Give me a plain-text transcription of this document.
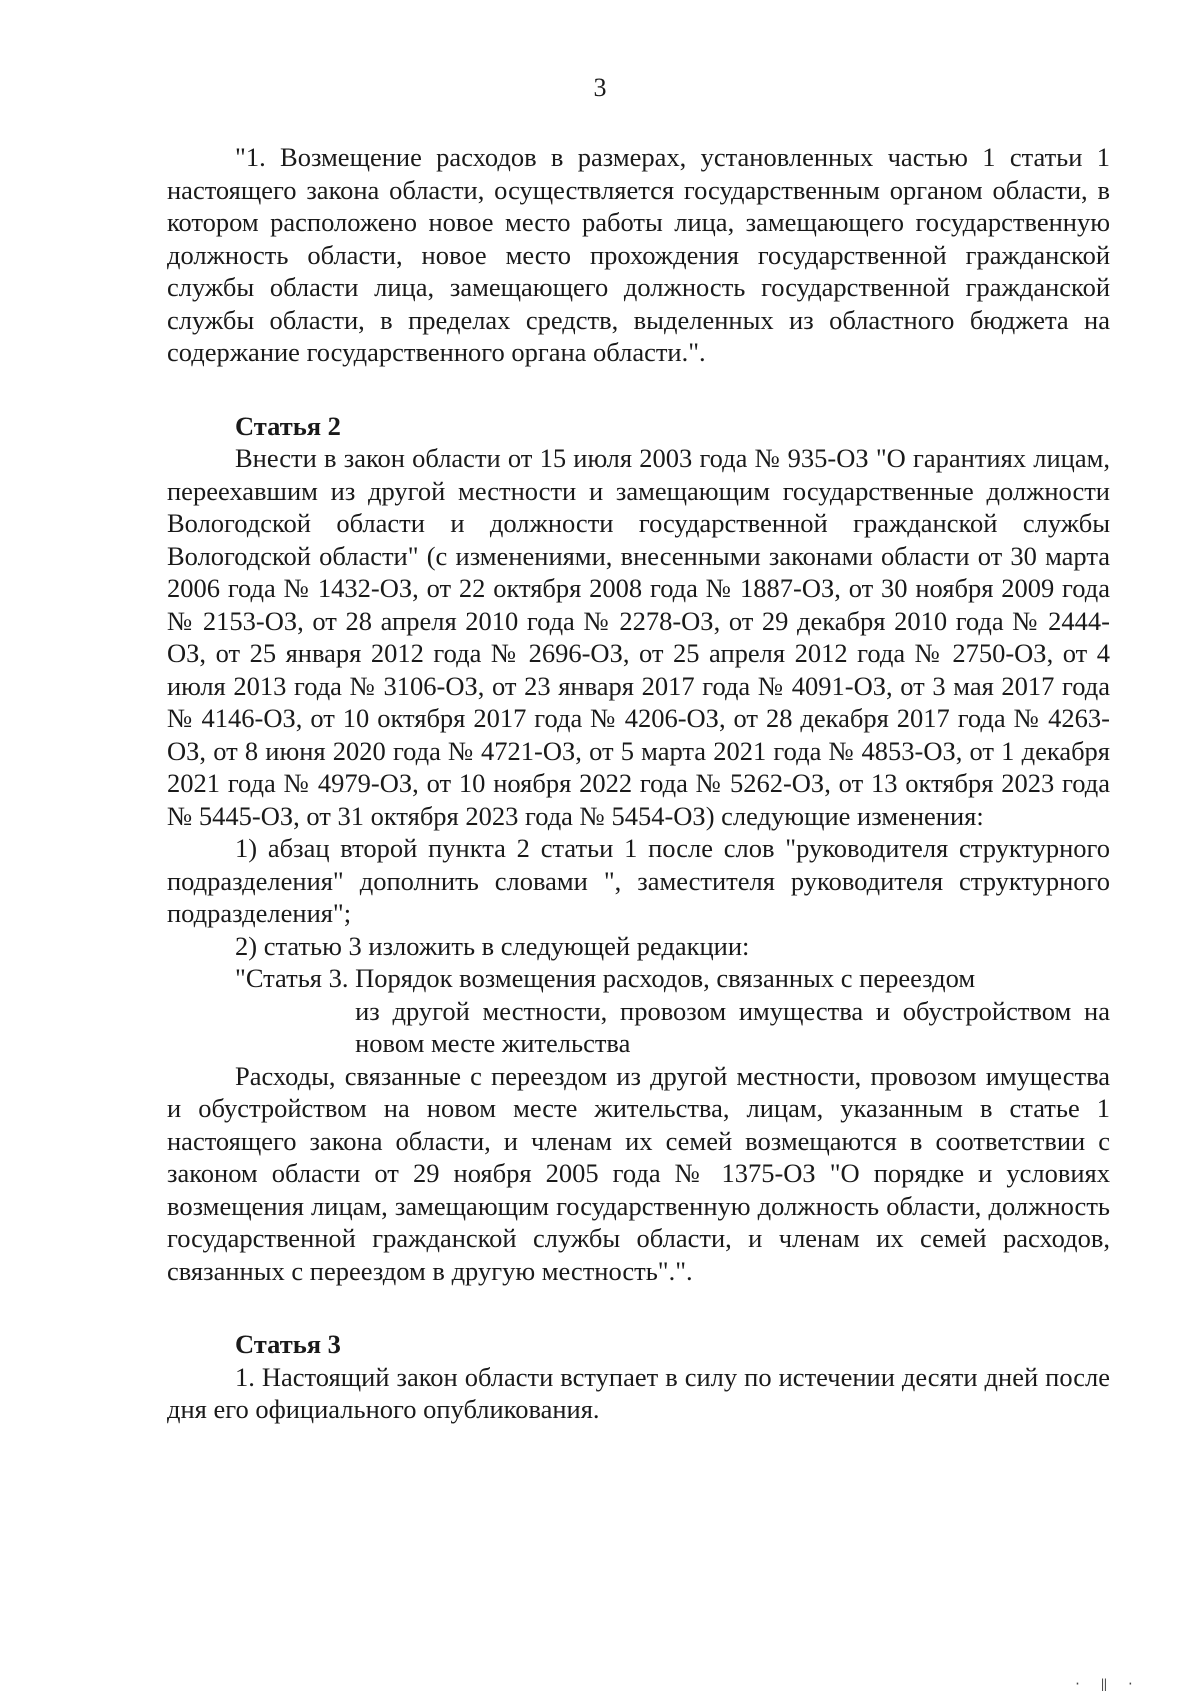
3

"1. Возмещение расходов в размерах, установленных частью 1 статьи 1 настоящего закона области, осуществляется государственным органом области, в котором расположено новое место работы лица, замещающего государственную должность области, новое место прохождения государственной гражданской службы области лица, замещающего должность государственной гражданской службы области, в пределах средств, выделенных из областного бюджета на содержание государственного органа области.".

Статья 2

Внести в закон области от 15 июля 2003 года № 935-ОЗ "О гарантиях лицам, переехавшим из другой местности и замещающим государственные должности Вологодской области и должности государственной гражданской службы Вологодской области" (с изменениями, внесенными законами области от 30 марта 2006 года № 1432-ОЗ, от 22 октября 2008 года № 1887-ОЗ, от 30 ноября 2009 года № 2153-ОЗ, от 28 апреля 2010 года № 2278-ОЗ, от 29 декабря 2010 года № 2444-ОЗ, от 25 января 2012 года № 2696-ОЗ, от 25 апреля 2012 года № 2750-ОЗ, от 4 июля 2013 года № 3106-ОЗ, от 23 января 2017 года № 4091-ОЗ, от 3 мая 2017 года № 4146-ОЗ, от 10 октября 2017 года № 4206-ОЗ, от 28 декабря 2017 года № 4263-ОЗ, от 8 июня 2020 года № 4721-ОЗ, от 5 марта 2021 года № 4853-ОЗ, от 1 декабря 2021 года № 4979-ОЗ, от 10 ноября 2022 года № 5262-ОЗ, от 13 октября 2023 года № 5445-ОЗ, от 31 октября 2023 года № 5454-ОЗ) следующие изменения:

1) абзац второй пункта 2 статьи 1 после слов "руководителя структурного подразделения" дополнить словами ", заместителя руководителя структурного подразделения";

2) статью 3 изложить в следующей редакции:

"Статья 3. Порядок возмещения расходов, связанных с переездом
из другой местности, провозом имущества и обустройством на новом месте жительства

Расходы, связанные с переездом из другой местности, провозом имущества и обустройством на новом месте жительства, лицам, указанным в статье 1 настоящего закона области, и членам их семей возмещаются в соответствии с законом области от 29 ноября 2005 года № 1375-ОЗ "О порядке и условиях возмещения лицам, замещающим государственную должность области, должность государственной гражданской службы области, и членам их семей расходов, связанных с переездом в другую местность".".

Статья 3

1. Настоящий закон области вступает в силу по истечении десяти дней после дня его официального опубликования.

· ‖ ·
